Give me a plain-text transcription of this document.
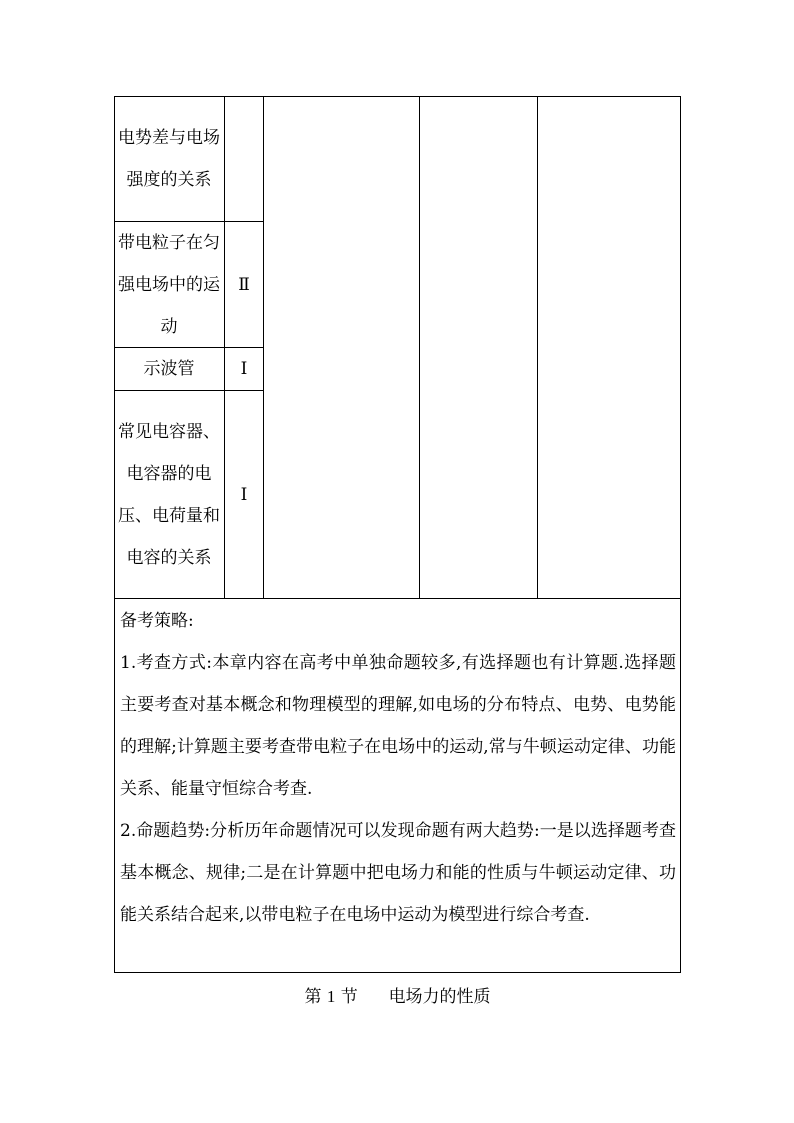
电势差与电场强度的关系
带电粒子在匀强电场中的运动
Ⅱ
示波管	Ⅰ
常见电容器、电容器的电压、电荷量和电容的关系
Ⅰ

备考策略:

1.考查方式:本章内容在高考中单独命题较多,有选择题也有计算题.选择题主要考查对基本概念和物理模型的理解,如电场的分布特点、电势、电势能的理解;计算题主要考查带电粒子在电场中的运动,常与牛顿运动定律、功能关系、能量守恒综合考查.

2.命题趋势:分析历年命题情况可以发现命题有两大趋势:一是以选择题考查基本概念、规律;二是在计算题中把电场力和能的性质与牛顿运动定律、功能关系结合起来,以带电粒子在电场中运动为模型进行综合考查.

第 1 节 电场力的性质
